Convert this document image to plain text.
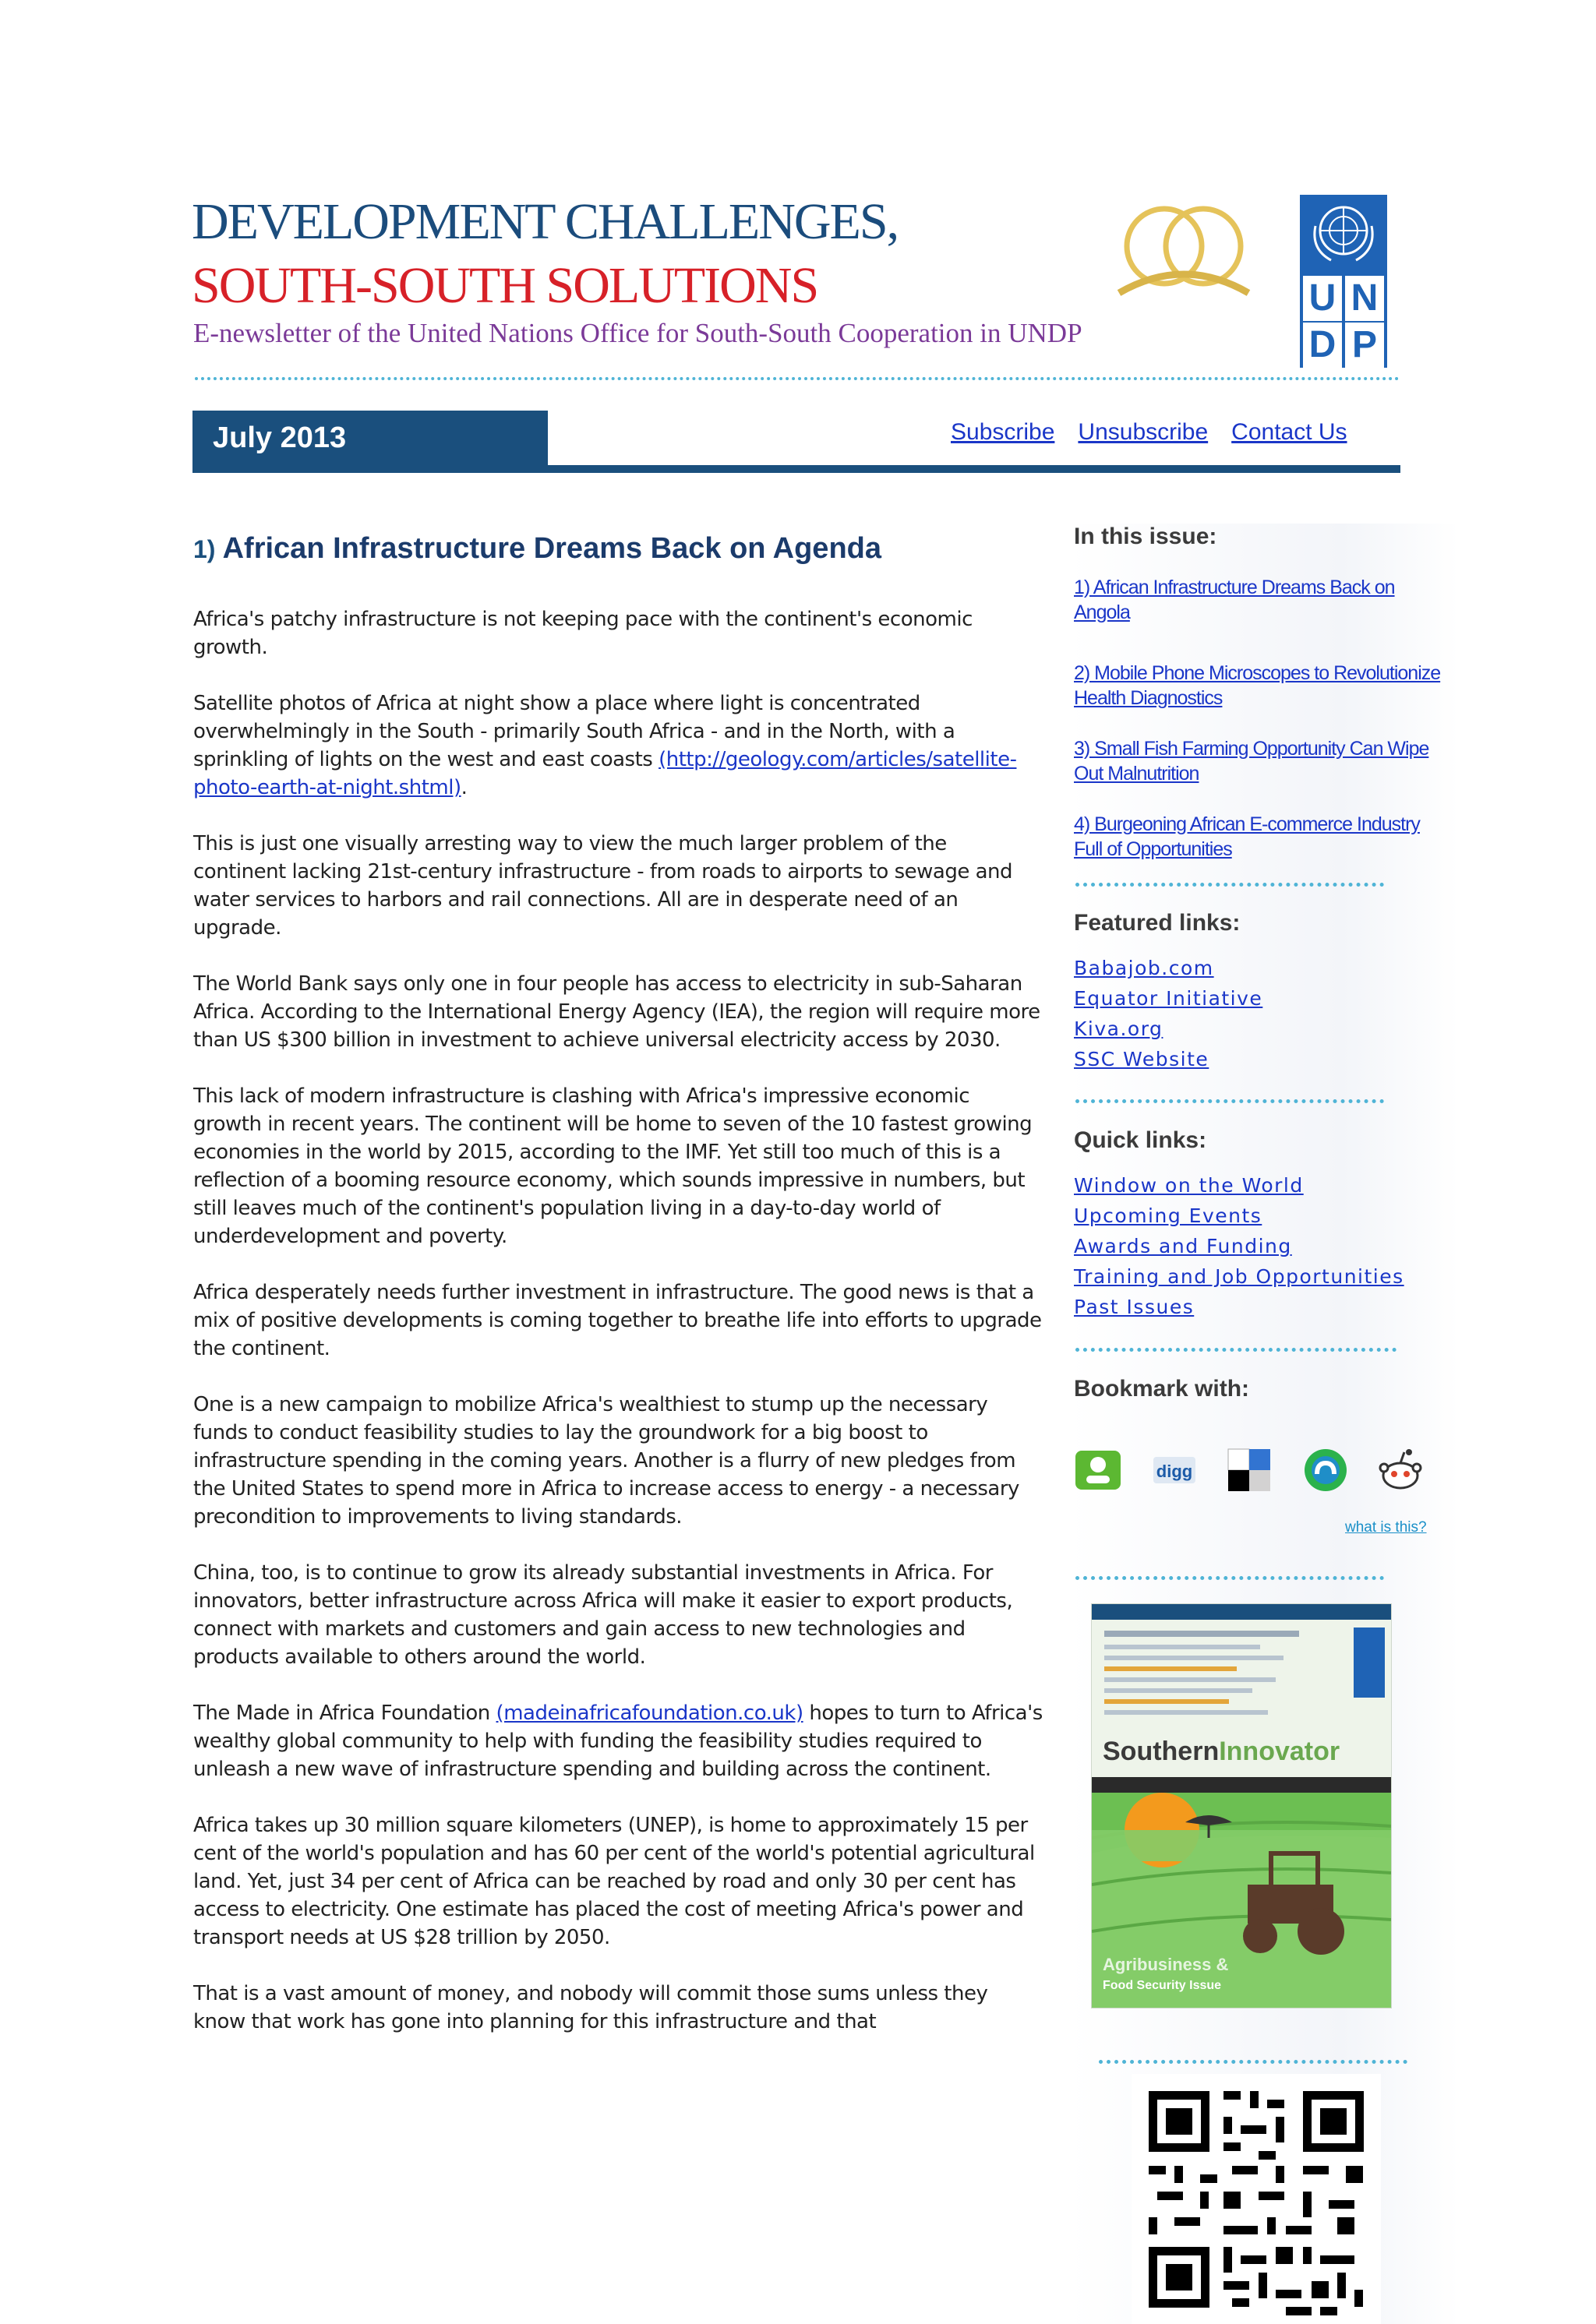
DEVELOPMENT CHALLENGES,
SOUTH-SOUTH SOLUTIONS
E-newsletter of the United Nations Office for South-South Cooperation in UNDP
U N
D P
July 2013	Subscribe Unsubscribe Contact Us
1) African Infrastructure Dreams Back on Agenda

Africa's patchy infrastructure is not keeping pace with the continent's economic growth.

Satellite photos of Africa at night show a place where light is concentrated overwhelmingly in the South - primarily South Africa - and in the North, with a sprinkling of lights on the west and east coasts (http://geology.com/articles/satellite-photo-earth-at-night.shtml).

This is just one visually arresting way to view the much larger problem of the continent lacking 21st-century infrastructure - from roads to airports to sewage and water services to harbors and rail connections. All are in desperate need of an upgrade.

The World Bank says only one in four people has access to electricity in sub-Saharan Africa. According to the International Energy Agency (IEA), the region will require more than US $300 billion in investment to achieve universal electricity access by 2030.

This lack of modern infrastructure is clashing with Africa's impressive economic growth in recent years. The continent will be home to seven of the 10 fastest growing economies in the world by 2015, according to the IMF. Yet still too much of this is a reflection of a booming resource economy, which sounds impressive in numbers, but still leaves much of the continent's population living in a day-to-day world of underdevelopment and poverty.

Africa desperately needs further investment in infrastructure. The good news is that a mix of positive developments is coming together to breathe life into efforts to upgrade the continent.

One is a new campaign to mobilize Africa's wealthiest to stump up the necessary funds to conduct feasibility studies to lay the groundwork for a big boost to infrastructure spending in the coming years. Another is a flurry of new pledges from the United States to spend more in Africa to increase access to energy - a necessary precondition to improvements to living standards.

China, too, is to continue to grow its already substantial investments in Africa. For innovators, better infrastructure across Africa will make it easier to export products, connect with markets and customers and gain access to new technologies and products available to others around the world.

The Made in Africa Foundation (madeinafricafoundation.co.uk) hopes to turn to Africa's wealthy global community to help with funding the feasibility studies required to unleash a new wave of infrastructure spending and building across the continent.

Africa takes up 30 million square kilometers (UNEP), is home to approximately 15 per cent of the world's population and has 60 per cent of the world's potential agricultural land. Yet, just 34 per cent of Africa can be reached by road and only 30 per cent has access to electricity. One estimate has placed the cost of meeting Africa's power and transport needs at US $28 trillion by 2050.

That is a vast amount of money, and nobody will commit those sums unless they know that work has gone into planning for this infrastructure and that

In this issue:
1) African Infrastructure Dreams Back on Angola
2) Mobile Phone Microscopes to Revolutionize Health Diagnostics
3) Small Fish Farming Opportunity Can Wipe Out Malnutrition
4) Burgeoning African E-commerce Industry Full of Opportunities
Featured links:
Babajob.com
Equator Initiative
Kiva.org
SSC Website
Quick links:
Window on the World
Upcoming Events
Awards and Funding
Training and Job Opportunities
Past Issues
Bookmark with:
digg
what is this?
SouthernInnovator
Agribusiness &
Food Security Issue
